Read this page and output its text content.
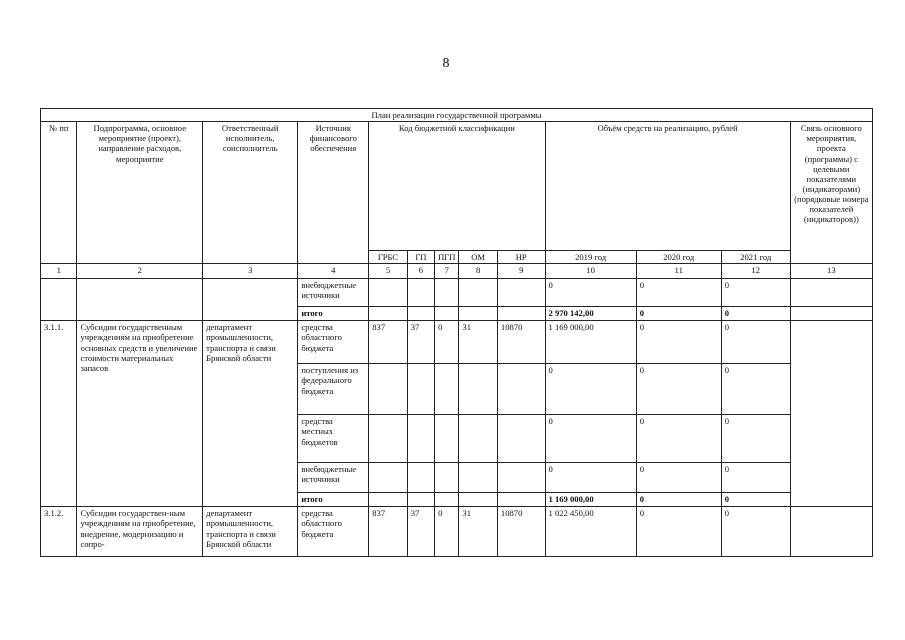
8
План реализации государственной программы												
№ пп	Подпрограмма, основное мероприятие (проект), направление расходов, мероприятие	Ответственный исполнитель, соисполнитель	Источник финансового обеспечения	Код бюджетной классификации					Объём средств на реализацию, рублей			Связь основного мероприятия, проекта (программы) с целевыми показателями (индикаторами) (порядковые номера показателей (индикаторов))
				ГРБС	ГП	ПГП	ОМ	НР	2019 год	2020 год	2021 год	
1	2	3	4	5	6	7	8	9	10	11	12	13
			внебюджетные источники						0	0	0	
			итого						2 970 142,00	0	0	
3.1.1.	Субсидии государственным учреждениям на приобретение основных средств и увеличение стоимости материальных запасов	департамент промышленности, транспорта и связи Брянской области	средства областного бюджета	837	37	0	31	10870	1 169 000,00	0	0	
			поступления из федерального бюджета						0	0	0	
			средства местных бюджетов						0	0	0	
			внебюджетные источники						0	0	0	
			итого						1 169 000,00	0	0	
3.1.2.	Субсидии государствен-ным учреждениям на приобретение, внедрение, модернизацию и сопро-	департамент промышленности, транспорта и связи Брянской области	средства областного бюджета	837	37	0	31	10870	1 022 450,00	0	0	
